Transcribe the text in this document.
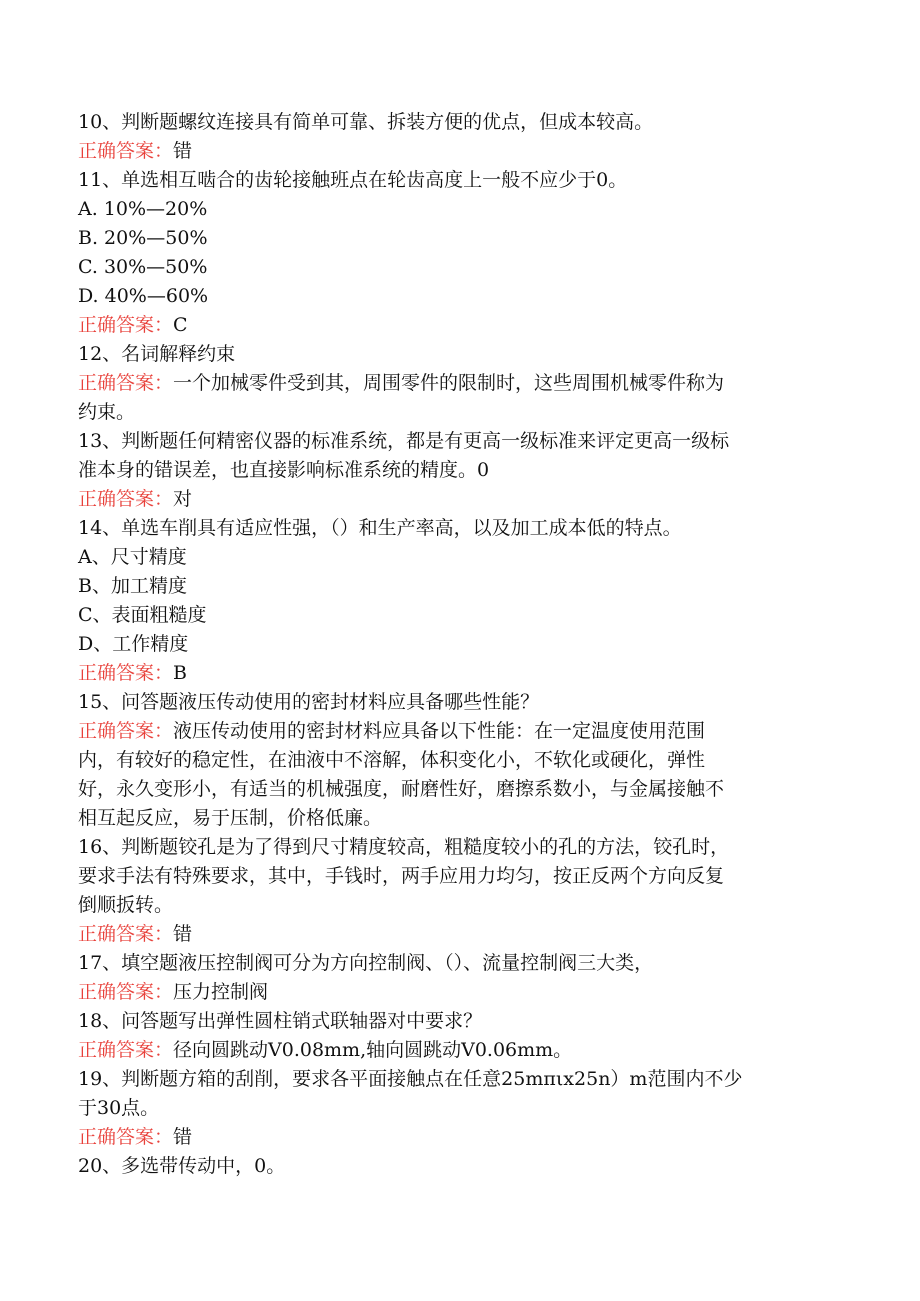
10、判断题螺纹连接具有简单可靠、拆装方便的优点，但成本较高。
正确答案：错
11、单选相互啮合的齿轮接触班点在轮齿高度上一般不应少于0。
A. 10%—20%
B. 20%—50%
C. 30%—50%
D. 40%—60%
正确答案：C
12、名词解释约束
正确答案：一个加械零件受到其，周围零件的限制时，这些周围机械零件称为
约束。
13、判断题任何精密仪器的标准系统，都是有更高一级标准来评定更高一级标
准本身的错误差，也直接影响标准系统的精度。0
正确答案：对
14、单选车削具有适应性强，（）和生产率高，以及加工成本低的特点。
A、尺寸精度
B、加工精度
C、表面粗糙度
D、工作精度
正确答案：B
15、问答题液压传动使用的密封材料应具备哪些性能？
正确答案：液压传动使用的密封材料应具备以下性能：在一定温度使用范围
内，有较好的稳定性，在油液中不溶解，体积变化小，不软化或硬化，弹性
好，永久变形小，有适当的机械强度，耐磨性好，磨擦系数小，与金属接触不
相互起反应，易于压制，价格低廉。
16、判断题铰孔是为了得到尺寸精度较高，粗糙度较小的孔的方法，铰孔时，
要求手法有特殊要求，其中，手钱时，两手应用力均匀，按正反两个方向反复
倒顺扳转。
正确答案：错
17、填空题液压控制阀可分为方向控制阀、（）、流量控制阀三大类，
正确答案：压力控制阀
18、问答题写出弹性圆柱销式联轴器对中要求？
正确答案：径向圆跳动V0.08mm,轴向圆跳动V0.06mm。
19、判断题方箱的刮削，要求各平面接触点在任意25mπιx25n）m范围内不少
于30点。
正确答案：错
20、多选带传动中，0。
